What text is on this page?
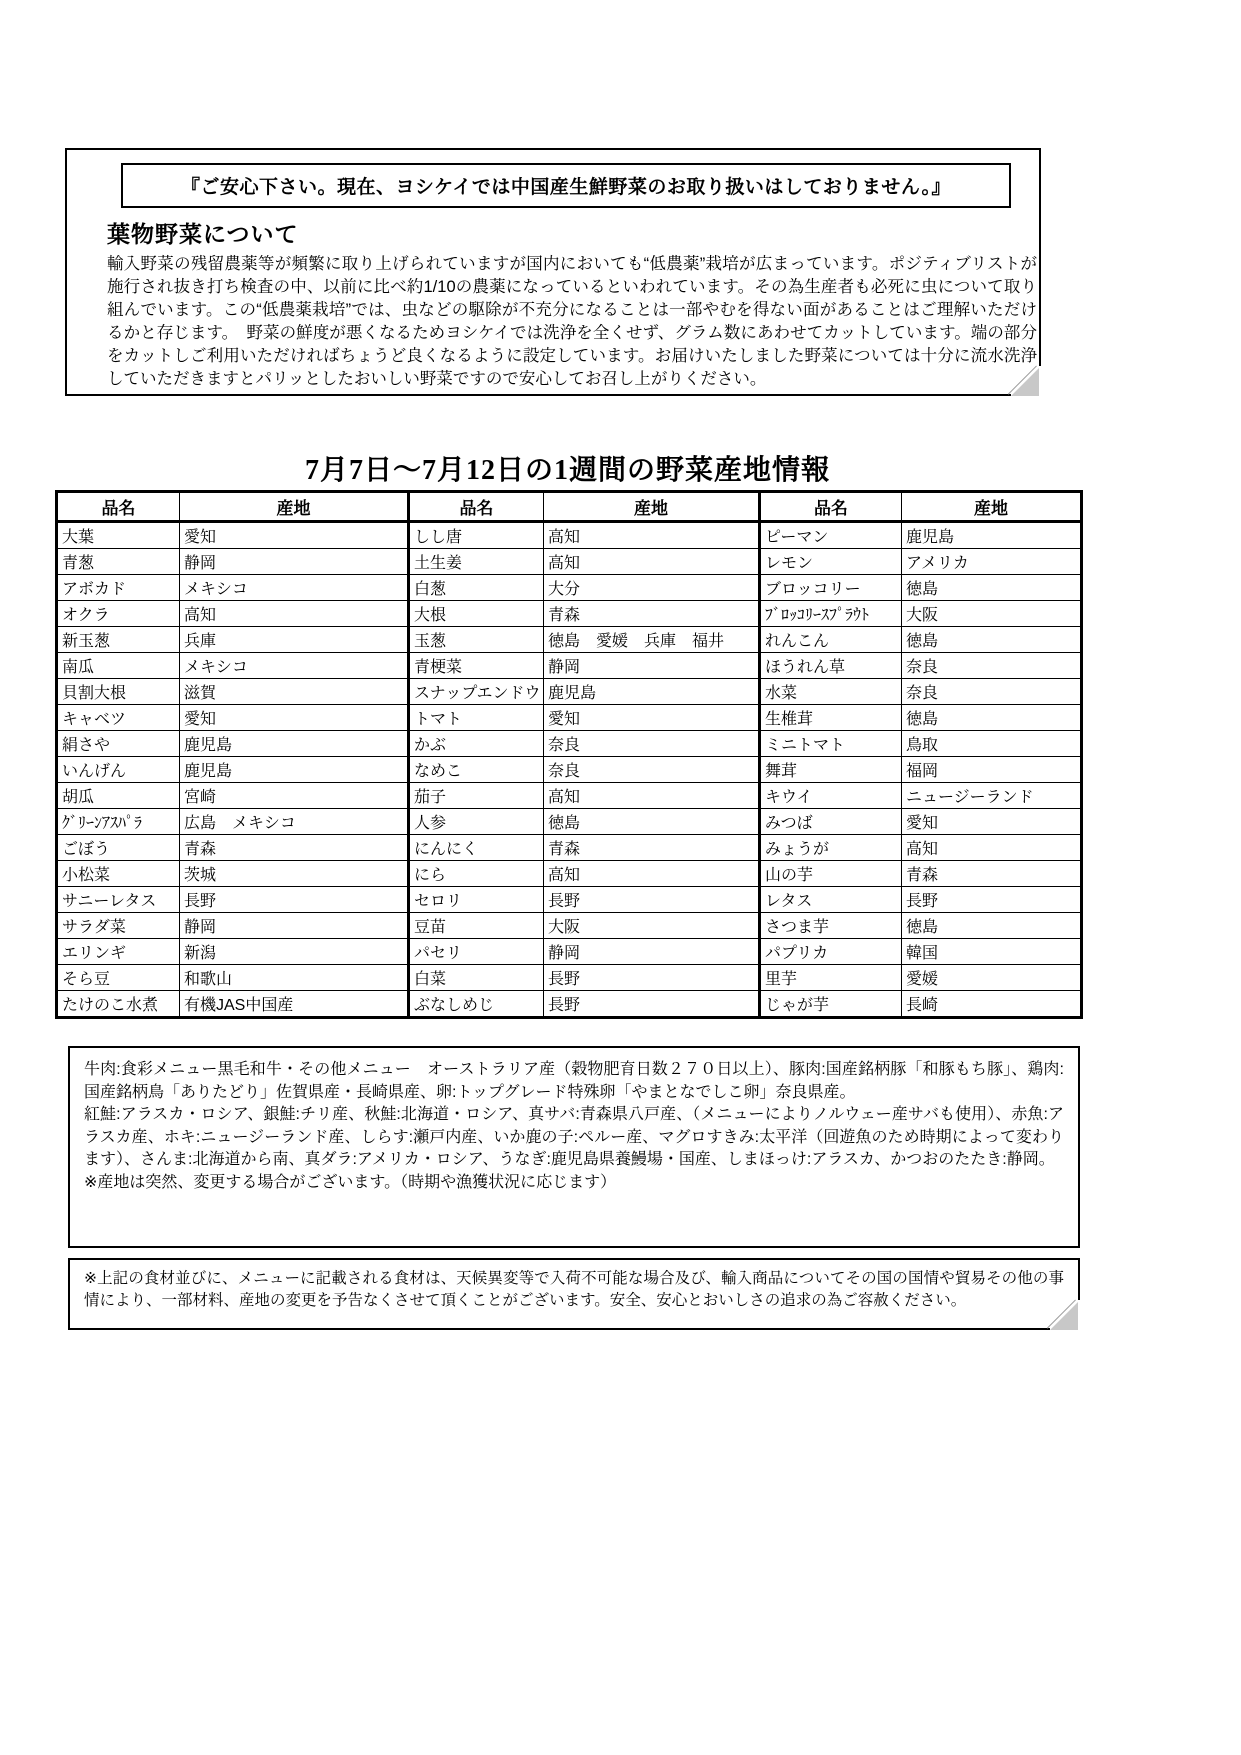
『ご安心下さい。現在、ヨシケイでは中国産生鮮野菜のお取り扱いはしておりません。』
葉物野菜について

輸入野菜の残留農薬等が頻繁に取り上げられていますが国内においても“低農薬”栽培が広まっています。ポジティブリストが施行され抜き打ち検査の中、以前に比べ約1/10の農薬になっているといわれています。その為生産者も必死に虫について取り組んでいます。この“低農薬栽培”では、虫などの駆除が不充分になることは一部やむを得ない面があることはご理解いただけるかと存じます。　野菜の鮮度が悪くなるためヨシケイでは洗浄を全くせず、グラム数にあわせてカットしています。端の部分をカットしご利用いただければちょうど良くなるように設定しています。お届けいたしました野菜については十分に流水洗浄していただきますとパリッとしたおいしい野菜ですので安心してお召し上がりください。

7月7日～7月12日の1週間の野菜産地情報
品名	産地	品名	産地	品名	産地
大葉	愛知	しし唐	高知	ピーマン	鹿児島
青葱	静岡	土生姜	高知	レモン	アメリカ
アボカド	メキシコ	白葱	大分	ブロッコリー	徳島
オクラ	高知	大根	青森	ﾌﾞﾛｯｺﾘｰｽﾌﾟﾗｳﾄ	大阪
新玉葱	兵庫	玉葱	徳島　愛媛　兵庫　福井	れんこん	徳島
南瓜	メキシコ	青梗菜	静岡	ほうれん草	奈良
貝割大根	滋賀	スナップエンドウ	鹿児島	水菜	奈良
キャベツ	愛知	トマト	愛知	生椎茸	徳島
絹さや	鹿児島	かぶ	奈良	ミニトマト	鳥取
いんげん	鹿児島	なめこ	奈良	舞茸	福岡
胡瓜	宮崎	茄子	高知	キウイ	ニュージーランド
ｸﾞﾘｰﾝｱｽﾊﾟﾗ	広島　メキシコ	人参	徳島	みつば	愛知
ごぼう	青森	にんにく	青森	みょうが	高知
小松菜	茨城	にら	高知	山の芋	青森
サニーレタス	長野	セロリ	長野	レタス	長野
サラダ菜	静岡	豆苗	大阪	さつま芋	徳島
エリンギ	新潟	パセリ	静岡	パプリカ	韓国
そら豆	和歌山	白菜	長野	里芋	愛媛
たけのこ水煮	有機JAS中国産	ぶなしめじ	長野	じゃが芋	長崎

牛肉:食彩メニュー黒毛和牛・その他メニュー　オーストラリア産（穀物肥育日数２７０日以上）、豚肉:国産銘柄豚「和豚もち豚」、鶏肉:国産銘柄鳥「ありたどり」佐賀県産・長崎県産、卵:トップグレード特殊卵「やまとなでしこ卵」奈良県産。

紅鮭:アラスカ・ロシア、銀鮭:チリ産、秋鮭:北海道・ロシア、真サバ:青森県八戸産、（メニューによりノルウェー産サバも使用）、赤魚:アラスカ産、ホキ:ニュージーランド産、しらす:瀬戸内産、いか鹿の子:ペルー産、マグロすきみ:太平洋（回遊魚のため時期によって変わります）、さんま:北海道から南、真ダラ:アメリカ・ロシア、うなぎ:鹿児島県養鰻場・国産、しまほっけ:アラスカ、かつおのたたき:静岡。

※産地は突然、変更する場合がございます。（時期や漁獲状況に応じます）

※上記の食材並びに、メニューに記載される食材は、天候異変等で入荷不可能な場合及び、輸入商品についてその国の国情や貿易その他の事情により、一部材料、産地の変更を予告なくさせて頂くことがございます。安全、安心とおいしさの追求の為ご容赦ください。
